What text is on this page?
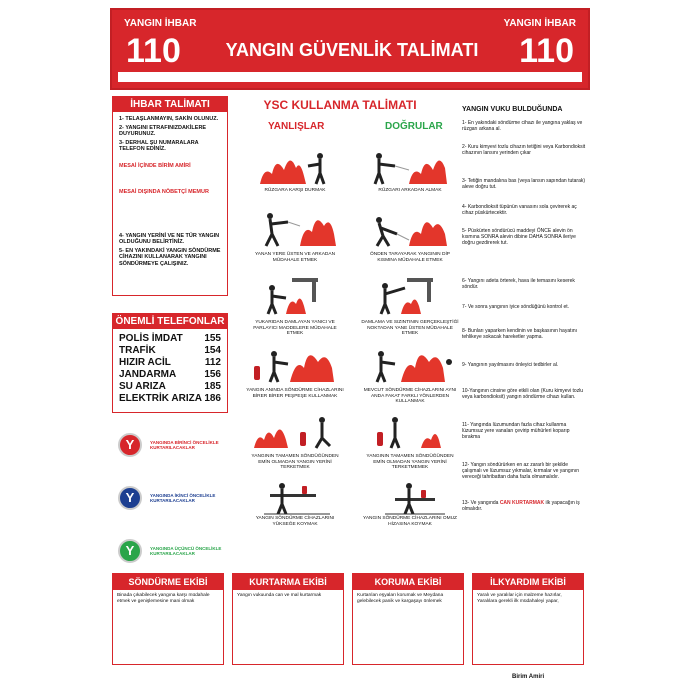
YANGIN İHBAR
110	YANGIN GÜVENLİK TALİMATI
YANGIN İHBAR
110
İHBAR TALİMATI
1- TELAŞLANMAYIN, SAKİN OLUNUZ.
2- YANGINI ETRAFINIZDAKİLERE DUYURUNUZ.
3- DERHAL ŞU NUMARALARA TELEFON EDİNİZ.
MESAİ İÇİNDE BİRİM AMİRİ
MESAİ DIŞINDA NÖBETÇİ MEMUR
4- YANGIN YERİNİ VE NE TÜR YANGIN OLDUĞUNU BELİRTİNİZ.
5- EN YAKINDAKİ YANGIN SÖNDÜRME CİHAZINI KULLANARAK YANGINI SÖNDÜRMEYE ÇALIŞINIZ.
ÖNEMLİ TELEFONLAR
POLİS İMDAT 155
TRAFİK	154
HIZIR ACİL	112
JANDARMA	156
SU ARIZA	185
ELEKTRİK ARIZA 186
Y	YANGINDA BİRİNCİ ÖNCELİKLE KURTARILACAKLAR
Y	YANGINDA İKİNCİ ÖNCELİKLE KURTARILACAKLAR
Y	YANGINDA ÜÇÜNCÜ ÖNCELİKLE KURTARILACAKLAR
YSC KULLANMA TALİMATI
YANLIŞLAR	DOĞRULAR
RÜZGARA KARŞI DURMAK	RÜZGARI ARKADAN ALMAK
YANAN YERE ÜSTEN VE ARKADAN MÜDAHALE ETMEK
ÖNDEN TARAYARAK YANGININ DİP KISMINA MÜDAHALE ETMEK
YUKARIDAN DAMLAYAN YANICI VE PARLAYICI MADDELERE MÜDAHALE ETMEK
DAMLAMA VE SIZINTININ GERÇEKLEŞTİĞİ NOKTADAN YANE ÜSTEN MÜDAHALE ETMEK
YANGIN ANINDA SÖNDÜRME CİHAZLARINI BİRER BİRER PEŞPEŞE KULLANMAK
MEVCUT SÖNDÜRME CİHAZLARINI AYNI ANDA FAKAT FARKLI YÖNLERDEN KULLANMAK
YANGININ TAMAMEN SÖNDÜĞÜNDEN EMİN OLMADAN YANGIN YERİNİ TERKETMEK
YANGININ TAMAMEN SÖNDÜĞÜNDEN EMİN OLMADAN YANGIN YERİNİ TERKETMEMEK
YANGIN SÖNDÜRME CİHAZLARINI YÜKSEĞE KOYMAK
YANGIN SÖNDÜRME CİHAZLARINI OMUZ HİZASINA KOYMAK
YANGIN VUKU BULDUĞUNDA
1- En yakındaki söndürme cihazı ile yangına yaklaş ve rüzgarı arkana al.
2- Kuru kimyevi tozlu cihazın tetiğini veya Karbondioksit cihazının lansını yerinden çıkar
3- Tetiğin mandalına bas (veya lansın sapından tutarak) aleve doğru tut.
4- Karbondioksit tüpünün vanasını sola çevirerek aç cihaz püskürtecektir.
5- Püskürten söndürücü maddeyi ÖNCE alevin ön kısmına SONRA alevin dibine DAHA SONRA ileriye doğru gezdirerek tut.
6- Yangını adeta örterek, hava ile temasını keserek söndür.
7- Ve sonra yangının iyice söndüğünü kontrol et.
8- Bunları yaparken kendinin ve başkasının hayatını tehlikeye sokacak hareketler yapma.
9- Yangının yayılmasını önleyici tedbirler al.
10-Yangının cinsine göre etkili olan (Kuru kimyevi tozlu veya karbondioksit) yangın söndürme cihazı kullan.
11- Yangında lüzumundan fazla cihaz kullanma lüzumsuz yere vanaları çevirip mühürleri koparıp bırakma
12- Yangın söndürürken en az zararlı bir şekilde çalışmalı ve lüzumsuz yıkmalar, kırmalar ve yangının vereceği tahribattan daha fazla olmamalıdır.
13- Ve yangında CAN KURTARMAK ilk yapacağın iş olmalıdır.
SÖNDÜRME EKİBİ
Binada çıkabilecek yangına karşı müdahale etmek ve genişlemesine mani olmak
KURTARMA EKİBİ
Yangın vukuunda can ve mal kurtarmak
KORUMA EKİBİ
Kurtarılan eşyaları korumak ve Meydana gelebilecek panik ve kargaşayı önlemek
İLKYARDIM EKİBİ
Yaralı ve yaralılar için malzeme hazırlar, Yaralılara gerekli ilk müdahaleyi yapar,
Birim Amiri
